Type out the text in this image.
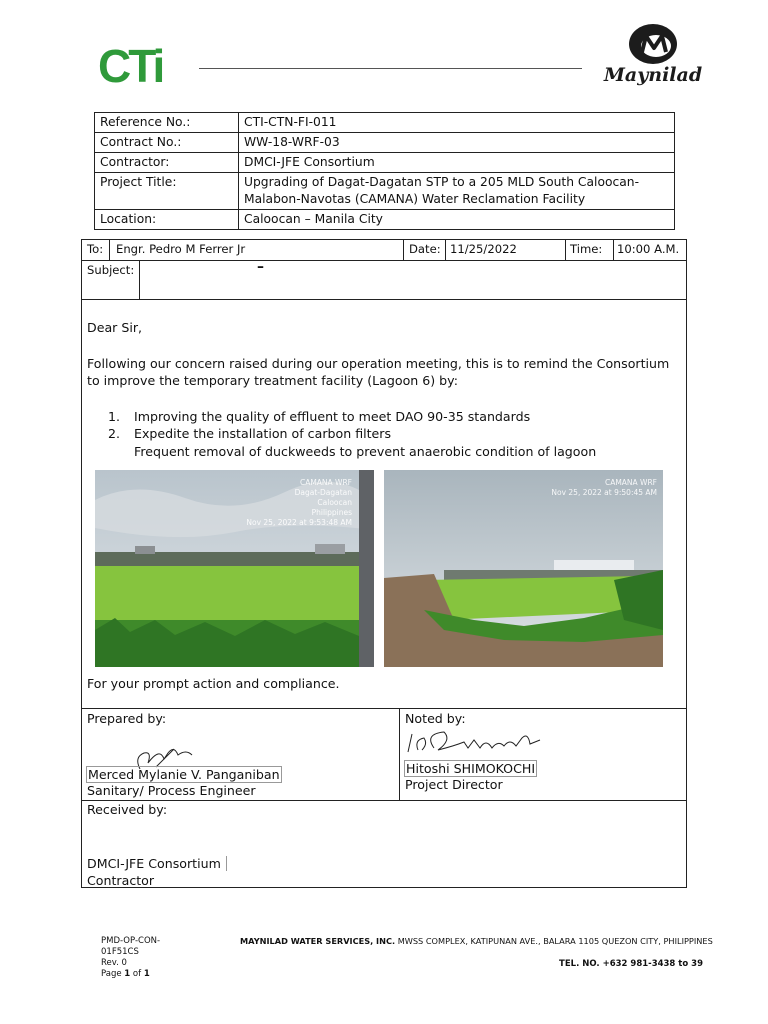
CTi	Maynilad
Reference No.:	CTI-CTN-FI-011
Contract No.:	WW-18-WRF-03
Contractor:	DMCI-JFE Consortium
Project Title:	Upgrading of Dagat-Dagatan STP to a 205 MLD South Caloocan-Malabon-Navotas (CAMANA) Water Reclamation Facility
Location:	Caloocan – Manila City
To: Engr. Pedro M Ferrer Jr	Date: 11/25/2022	Time: 10:00 A.M.
Subject:	–
Dear Sir,
Following our concern raised during our operation meeting, this is to remind the Consortium to improve the temporary treatment facility (Lagoon 6) by:
1. Improving the quality of effluent to meet DAO 90-35 standards
2. Expedite the installation of carbon filters
Frequent removal of duckweeds to prevent anaerobic condition of lagoon
CAMANA WRF
Dagat-Dagatan
Caloocan
Philippines
Nov 25, 2022 at 9:53:48 AM
CAMANA WRF
Nov 25, 2022 at 9:50:45 AM
For your prompt action and compliance.
Prepared by:
Merced Mylanie V. Panganiban
Sanitary/ Process Engineer
Noted by:
Hitoshi SHIMOKOCHI
Project Director
Received by:
DMCI-JFE Consortium
Contractor
PMD-OP-CON-
01F51CS
Rev. 0
Page 1 of 1
MAYNILAD WATER SERVICES, INC. MWSS COMPLEX, KATIPUNAN AVE., BALARA 1105 QUEZON CITY, PHILIPPINES
TEL. NO. +632 981-3438 to 39
